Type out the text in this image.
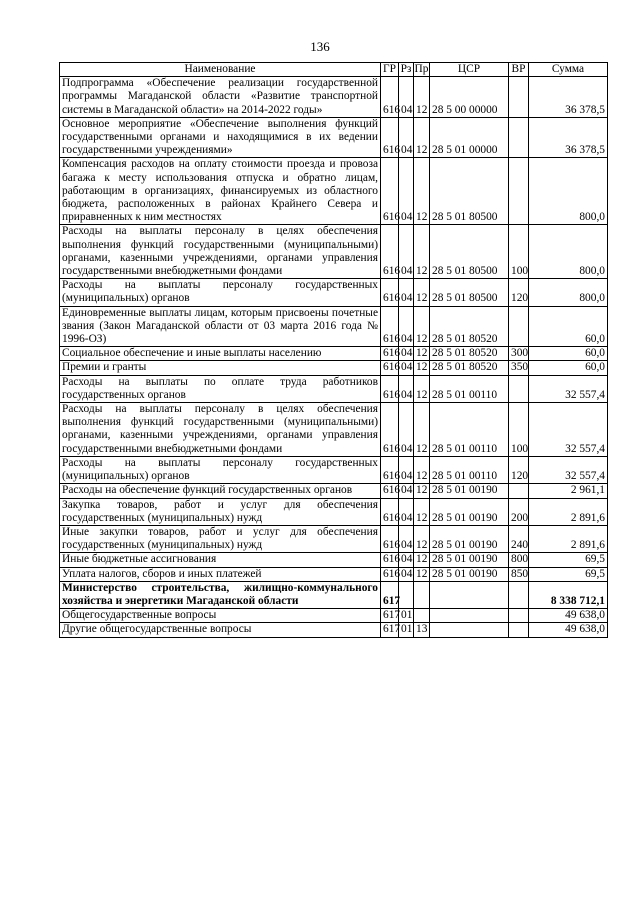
136
Наименование	ГР	Рз	Пр	ЦСР	ВР	Сумма
Подпрограмма «Обеспечение реализации государственной программы Магаданской области «Развитие транспортной системы в Магаданской области» на 2014-2022 годы»	616	04	12	28 5 00 00000		36 378,5
Основное мероприятие «Обеспечение выполнения функций государственными органами и находящимися в их ведении государственными учреждениями»	616	04	12	28 5 01 00000		36 378,5
Компенсация расходов на оплату стоимости проезда и провоза багажа к месту использования отпуска и обратно лицам, работающим в организациях, финансируемых из областного бюджета, расположенных в районах Крайнего Севера и приравненных к ним местностях	616	04	12	28 5 01 80500		800,0
Расходы на выплаты персоналу в целях обеспечения выполнения функций государственными (муниципальными) органами, казенными учреждениями, органами управления государственными внебюджетными фондами	616	04	12	28 5 01 80500	100	800,0
Расходы на выплаты персоналу государственных (муниципальных) органов	616	04	12	28 5 01 80500	120	800,0
Единовременные выплаты лицам, которым присвоены почетные звания (Закон Магаданской области от 03 марта 2016 года № 1996-ОЗ)	616	04	12	28 5 01 80520		60,0
Социальное обеспечение и иные выплаты населению	616	04	12	28 5 01 80520	300	60,0
Премии и гранты	616	04	12	28 5 01 80520	350	60,0
Расходы на выплаты по оплате труда работников государственных органов	616	04	12	28 5 01 00110		32 557,4
Расходы на выплаты персоналу в целях обеспечения выполнения функций государственными (муниципальными) органами, казенными учреждениями, органами управления государственными внебюджетными фондами	616	04	12	28 5 01 00110	100	32 557,4
Расходы на выплаты персоналу государственных (муниципальных) органов	616	04	12	28 5 01 00110	120	32 557,4
Расходы на обеспечение функций государственных органов	616	04	12	28 5 01 00190		2 961,1
Закупка товаров, работ и услуг для обеспечения государственных (муниципальных) нужд	616	04	12	28 5 01 00190	200	2 891,6
Иные закупки товаров, работ и услуг для обеспечения государственных (муниципальных) нужд	616	04	12	28 5 01 00190	240	2 891,6
Иные бюджетные ассигнования	616	04	12	28 5 01 00190	800	69,5
Уплата налогов, сборов и иных платежей	616	04	12	28 5 01 00190	850	69,5
Министерство строительства, жилищно-коммунального хозяйства и энергетики Магаданской области	617					8 338 712,1
Общегосударственные вопросы	617	01				49 638,0
Другие общегосударственные вопросы	617	01	13			49 638,0
